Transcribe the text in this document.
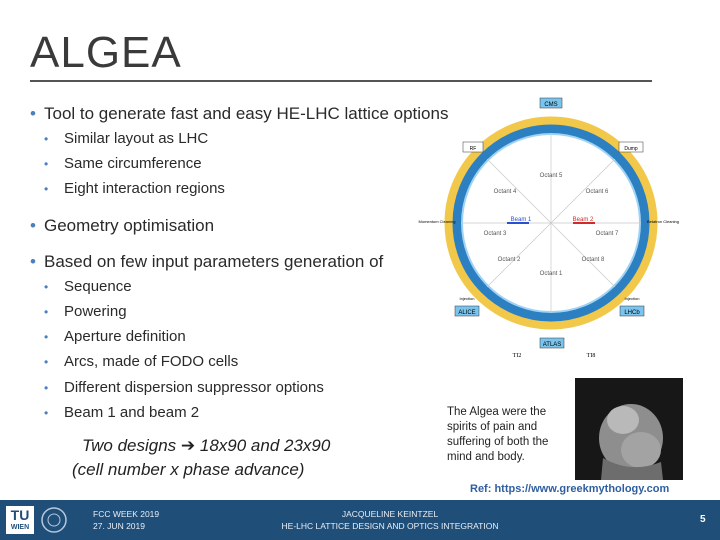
ALGEA
• Tool to generate fast and easy HE-LHC lattice options
• Similar layout as LHC
• Same circumference
• Eight interaction regions
• Geometry optimisation
• Based on few input parameters generation of
• Sequence
• Powering
• Aperture definition
• Arcs, made of FODO cells
• Different dispersion suppressor options
• Beam 1 and beam 2
Two designs ➔ 18x90 and 23x90
(cell number x phase advance)
CMS
ALICE	LHCb
ATLAS
Octant 5
Octant 4	Octant 6
Octant 3	Octant 7
Octant 2	Octant 8
Octant 1
Beam 1	Beam 2
RF	Dump
Momentum Cleaning	Betatron Cleaning
Injection	Injection
TI2	TI8
The Algea were the spirits of pain and suffering of both the mind and body.
Ref: https://www.greekmythology.com
TU
WIEN
FCC WEEK 2019
27. JUN 2019
JACQUELINE KEINTZEL
HE-LHC LATTICE DESIGN AND OPTICS INTEGRATION
5
